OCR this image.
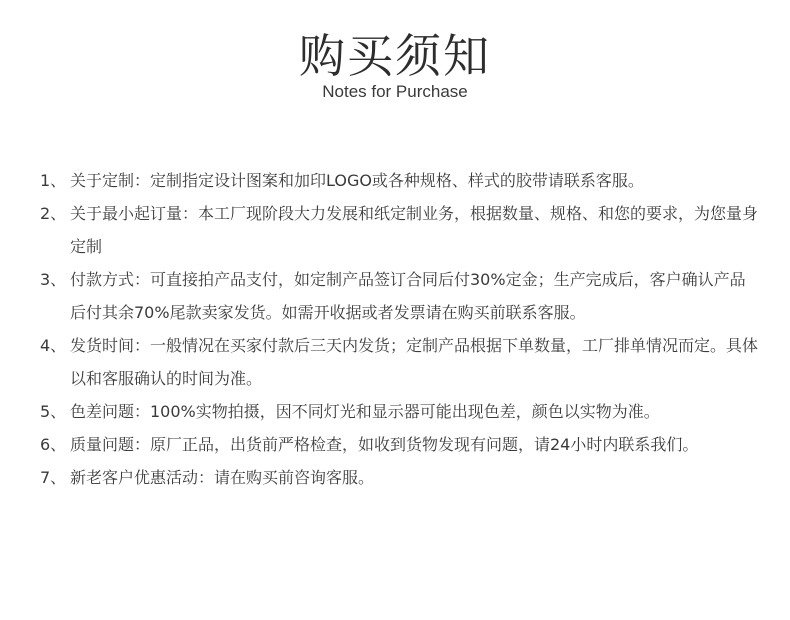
购买须知
Notes for Purchase
1、 关于定制：定制指定设计图案和加印LOGO或各种规格、样式的胶带请联系客服。
2、 关于最小起订量：本工厂现阶段大力发展和纸定制业务，根据数量、规格、和您的要求，为您量身定制
3、 付款方式：可直接拍产品支付，如定制产品签订合同后付30%定金；生产完成后，客户确认产品后付其余70%尾款卖家发货。如需开收据或者发票请在购买前联系客服。
4、 发货时间：一般情况在买家付款后三天内发货；定制产品根据下单数量，工厂排单情况而定。具体以和客服确认的时间为准。
5、 色差问题：100%实物拍摄，因不同灯光和显示器可能出现色差，颜色以实物为准。
6、 质量问题：原厂正品，出货前严格检查，如收到货物发现有问题，请24小时内联系我们。
7、 新老客户优惠活动：请在购买前咨询客服。
